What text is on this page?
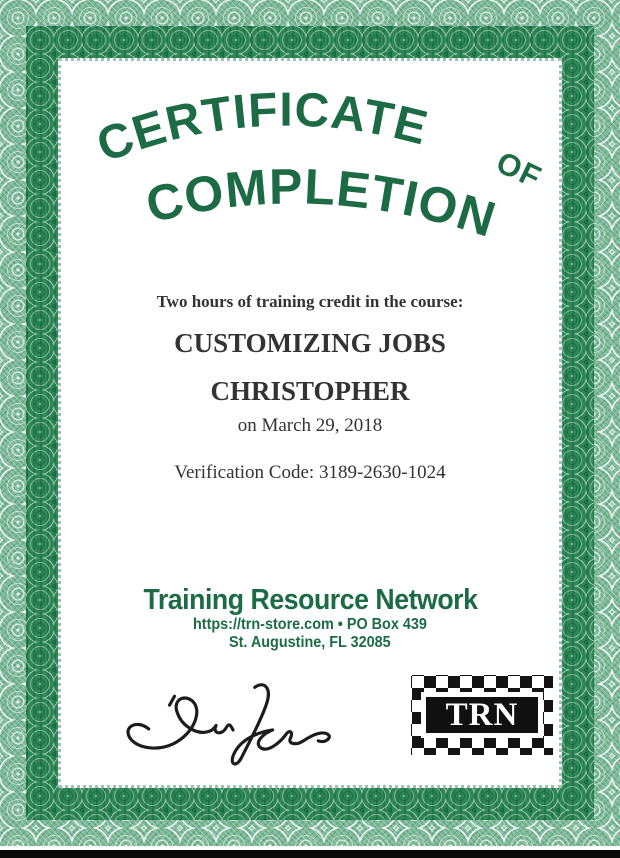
CERTIFICATE
OF
COMPLETION
Two hours of training credit in the course:
CUSTOMIZING JOBS
CHRISTOPHER
on March 29, 2018
Verification Code: 3189-2630-1024
Training Resource Network
https://trn-store.com • PO Box 439
St. Augustine, FL 32085
TRN
